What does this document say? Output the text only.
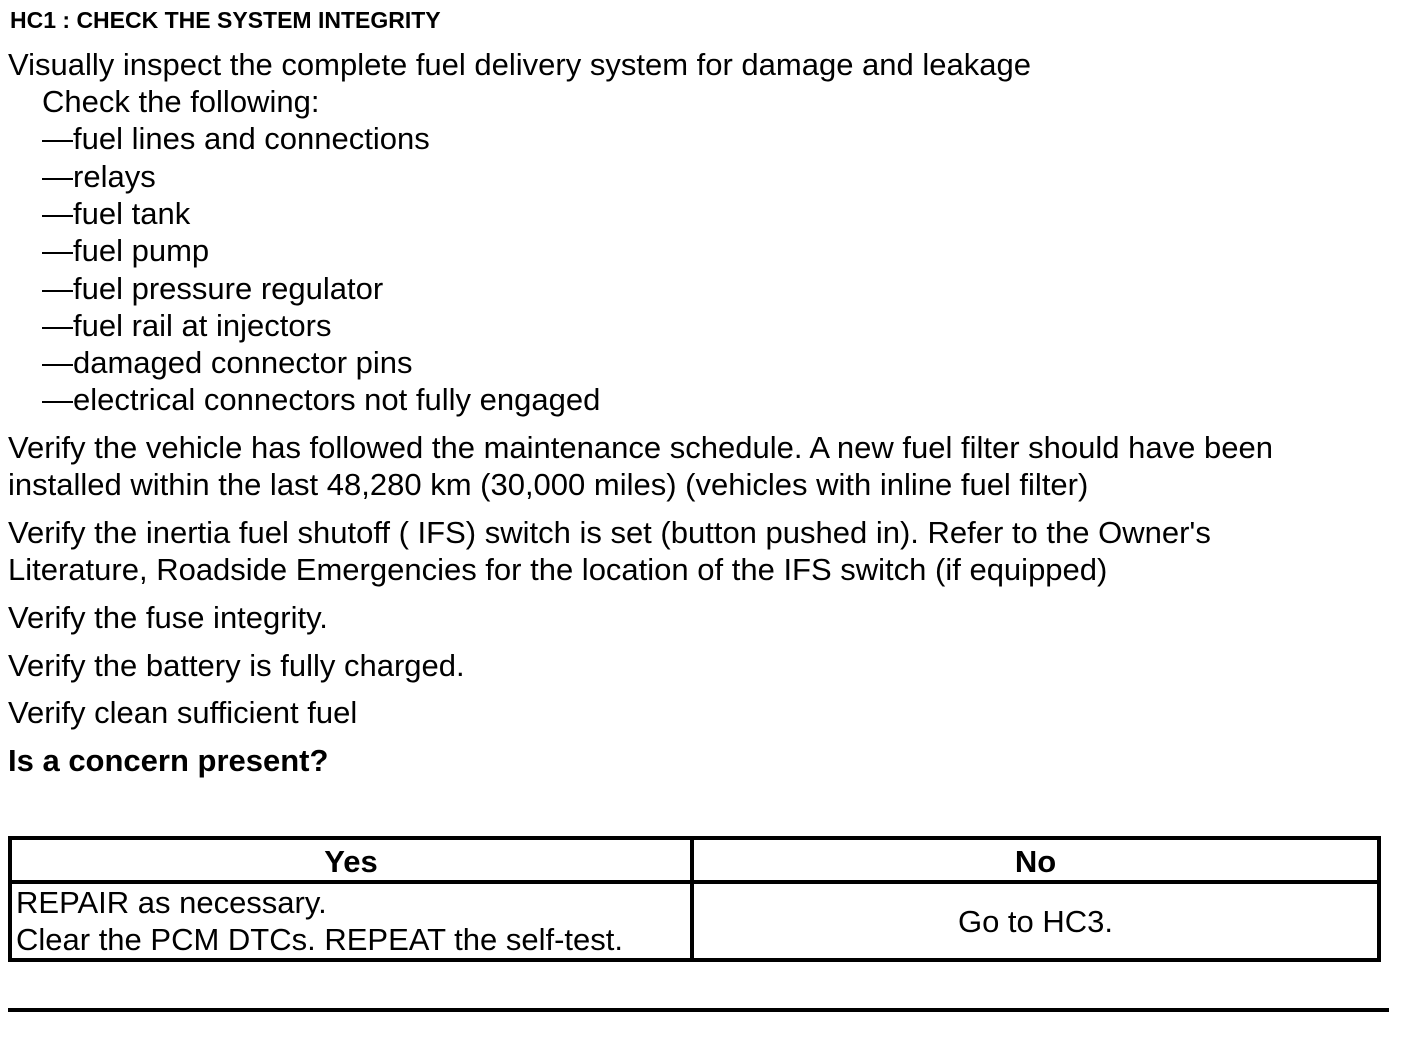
HC1 : CHECK THE SYSTEM INTEGRITY
Visually inspect the complete fuel delivery system for damage and leakage
Check the following:
—fuel lines and connections
—relays
—fuel tank
—fuel pump
—fuel pressure regulator
—fuel rail at injectors
—damaged connector pins
—electrical connectors not fully engaged
Verify the vehicle has followed the maintenance schedule. A new fuel filter should have been
installed within the last 48,280 km (30,000 miles) (vehicles with inline fuel filter)
Verify the inertia fuel shutoff ( IFS) switch is set (button pushed in). Refer to the Owner's
Literature, Roadside Emergencies for the location of the IFS switch (if equipped)
Verify the fuse integrity.
Verify the battery is fully charged.
Verify clean sufficient fuel
Is a concern present?
Yes	No

REPAIR as necessary.
Clear the PCM DTCs. REPEAT the self-test.	Go to HC3.
